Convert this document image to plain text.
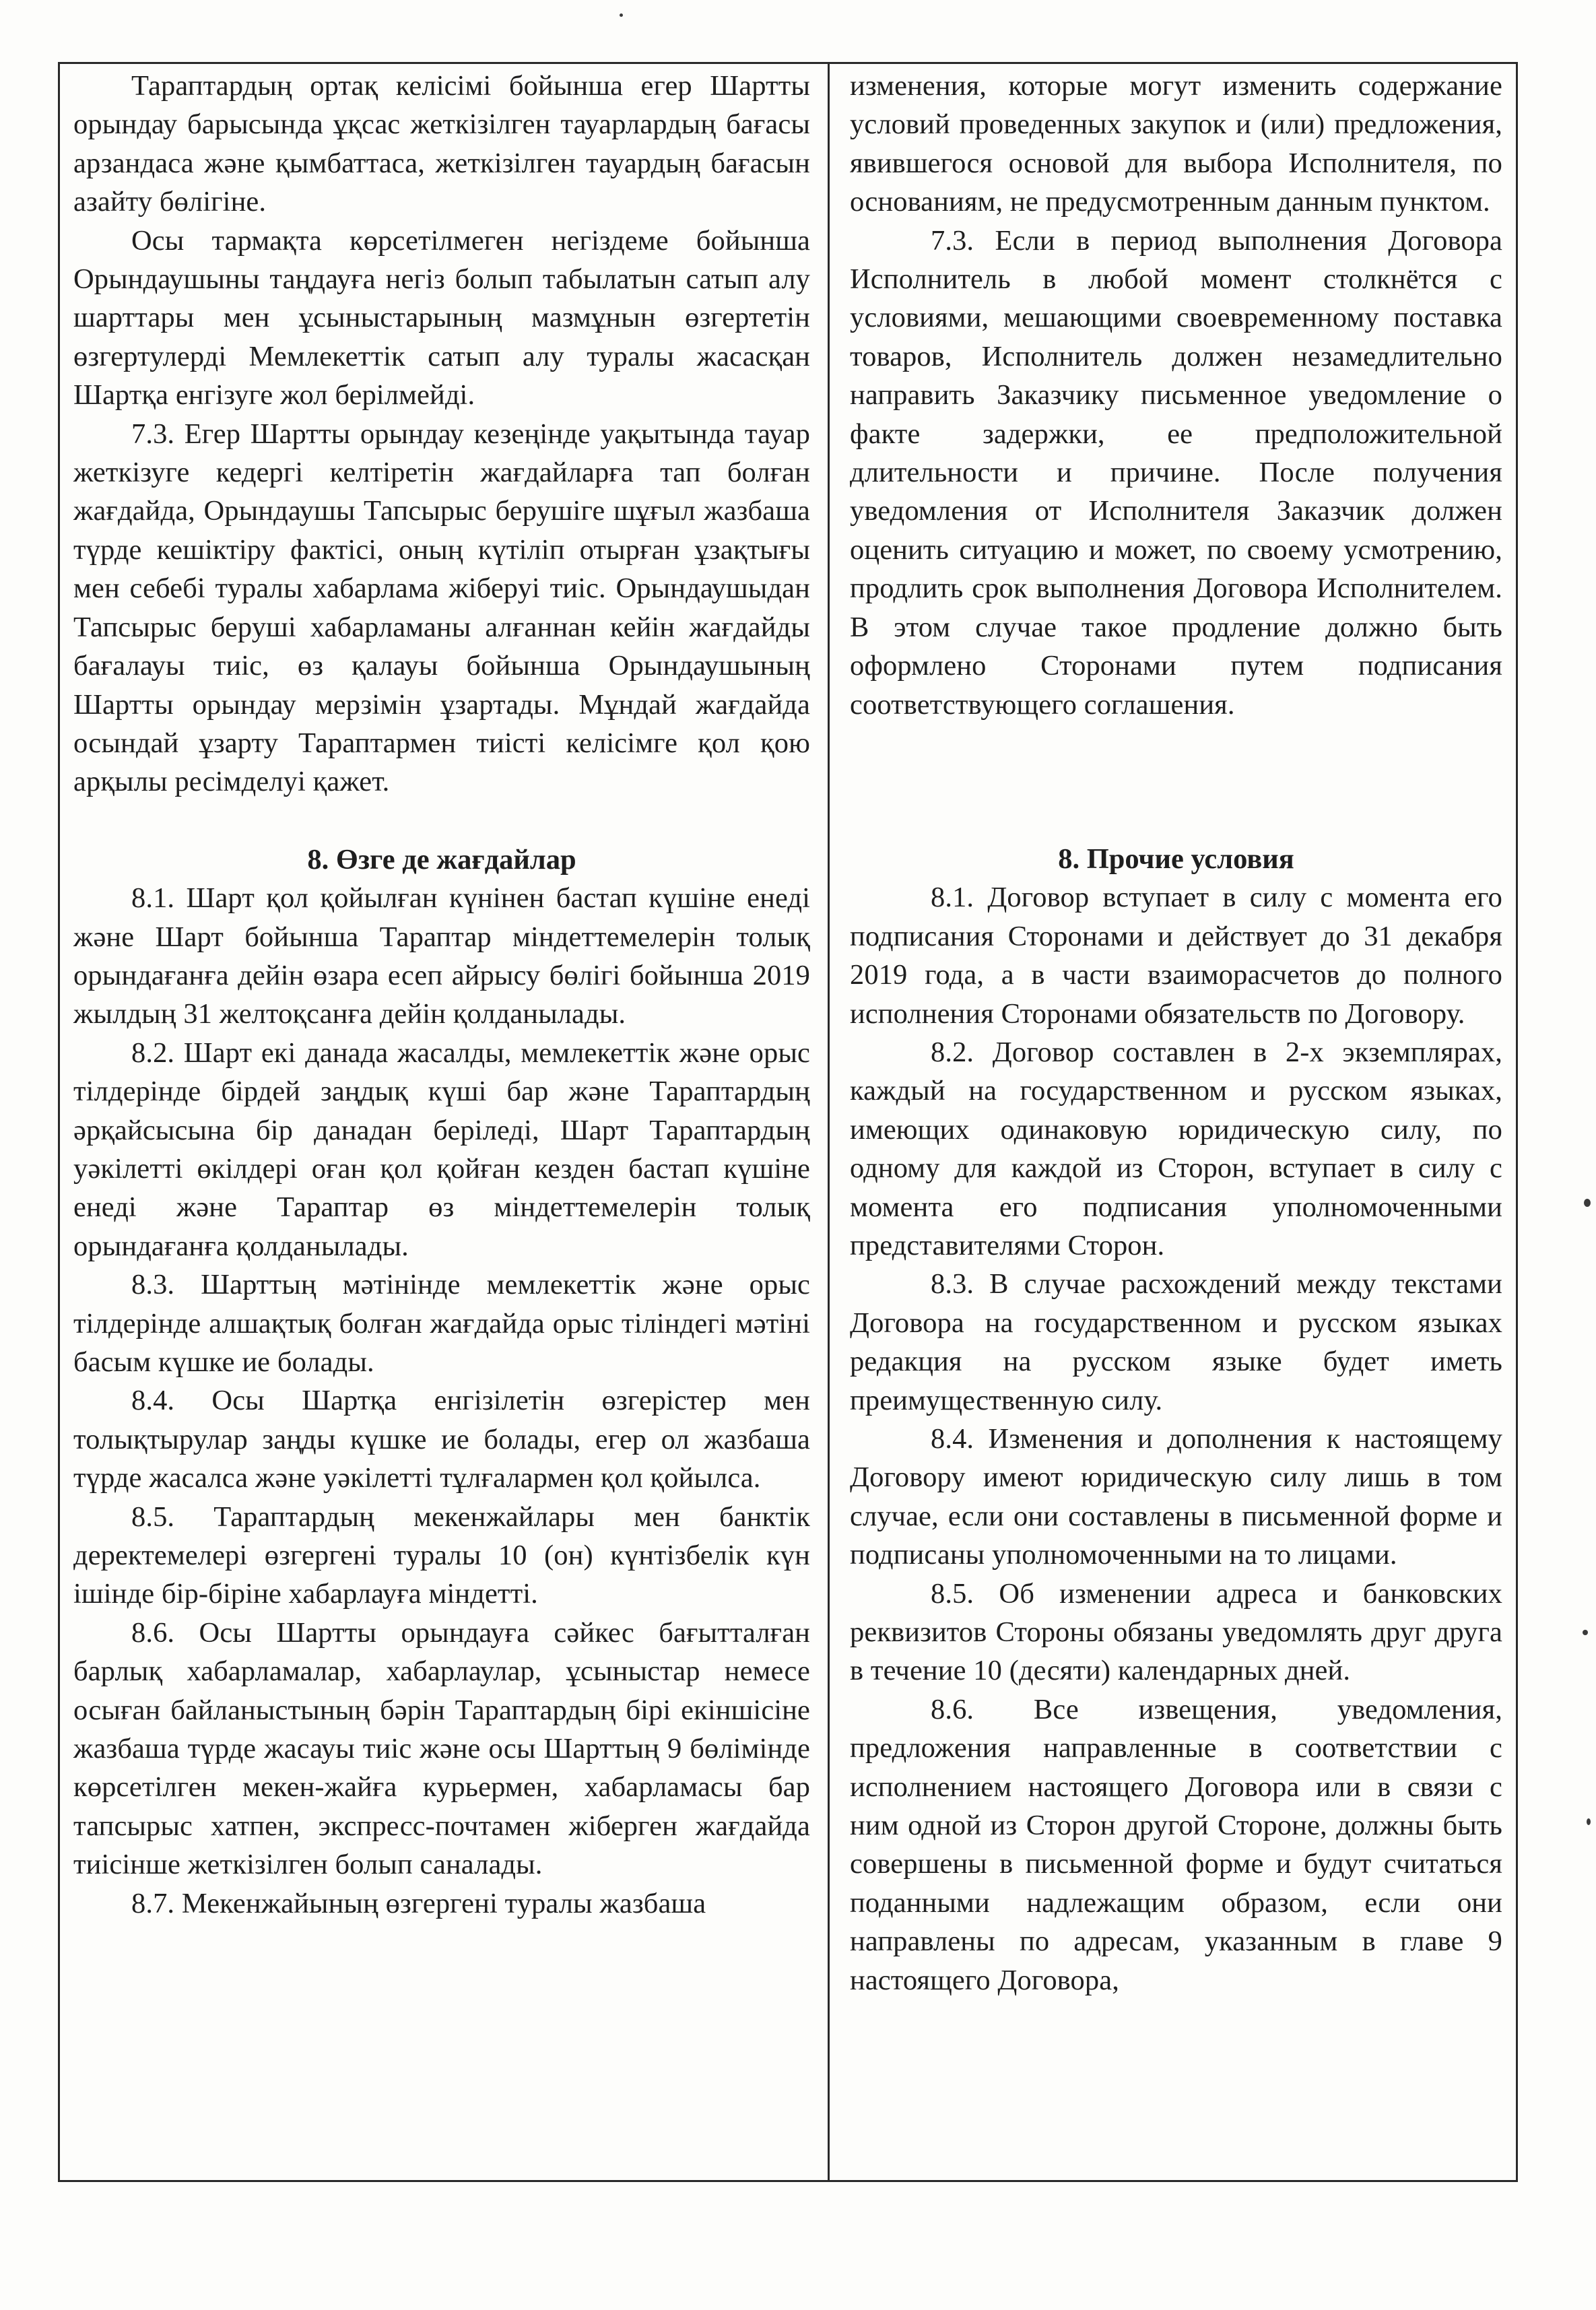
Тараптардың ортақ келісімі бойынша егер Шартты орындау барысында ұқсас жеткізілген тауарлардың бағасы арзандаса және қымбаттаса, жеткізілген тауардың бағасын азайту бөлігіне.

Осы тармақта көрсетілмеген негіздеме бойынша Орындаушыны таңдауға негіз болып табылатын сатып алу шарттары мен ұсыныстарының мазмұнын өзгертетін өзгертулерді Мемлекеттік сатып алу туралы жасасқан Шартқа енгізуге жол берілмейді.

7.3. Егер Шартты орындау кезеңінде уақытында тауар жеткізуге кедергі келтіретін жағдайларға тап болған жағдайда, Орындаушы Тапсырыс берушіге шұғыл жазбаша түрде кешіктіру фактісі, оның күтіліп отырған ұзақтығы мен себебі туралы хабарлама жіберуі тиіс. Орындаушыдан Тапсырыс беруші хабарламаны алғаннан кейін жағдайды бағалауы тиіс, өз қалауы бойынша Орындаушының Шартты орындау мерзімін ұзартады. Мұндай жағдайда осындай ұзарту Тараптармен тиісті келісімге қол қою арқылы ресімделуі қажет.

8. Өзге де жағдайлар

8.1. Шарт қол қойылған күнінен бастап күшіне енеді және Шарт бойынша Тараптар міндеттемелерін толық орындағанға дейін өзара есеп айрысу бөлігі бойынша 2019 жылдың 31 желтоқсанға дейін қолданылады.

8.2. Шарт екі данада жасалды, мемлекеттік және орыс тілдерінде бірдей заңдық күші бар және Тараптардың әрқайсысына бір данадан беріледі, Шарт Тараптардың уәкілетті өкілдері оған қол қойған кезден бастап күшіне енеді және Тараптар өз міндеттемелерін толық орындағанға қолданылады.

8.3. Шарттың мәтінінде мемлекеттік және орыс тілдерінде алшақтық болған жағдайда орыс тіліндегі мәтіні басым күшке ие болады.

8.4. Осы Шартқа енгізілетін өзгерістер мен толықтырулар заңды күшке ие болады, егер ол жазбаша түрде жасалса және уәкілетті тұлғалармен қол қойылса.

8.5. Тараптардың мекенжайлары мен банктік деректемелері өзгергені туралы 10 (он) күнтізбелік күн ішінде бір-біріне хабарлауға міндетті.

8.6. Осы Шартты орындауға сәйкес бағытталған барлық хабарламалар, хабарлаулар, ұсыныстар немесе осыған байланыстының бәрін Тараптардың бірі екіншісіне жазбаша түрде жасауы тиіс және осы Шарттың 9 бөлімінде көрсетілген мекен-жайға курьермен, хабарламасы бар тапсырыс хатпен, экспресс-почтамен жіберген жағдайда тиісінше жеткізілген болып саналады.

8.7. Мекенжайының өзгергені туралы жазбаша

изменения, которые могут изменить содержание условий проведенных закупок и (или) предложения, явившегося основой для выбора Исполнителя, по основаниям, не предусмотренным данным пунктом.

7.3. Если в период выполнения Договора Исполнитель в любой момент столкнётся с условиями, мешающими своевременному поставка товаров, Исполнитель должен незамедлительно направить Заказчику письменное уведомление о факте задержки, ее предположительной длительности и причине. После получения уведомления от Исполнителя Заказчик должен оценить ситуацию и может, по своему усмотрению, продлить срок выполнения Договора Исполнителем. В этом случае такое продление должно быть оформлено Сторонами путем подписания соответствующего соглашения.

8. Прочие условия

8.1. Договор вступает в силу с момента его подписания Сторонами и действует до 31 декабря 2019 года, а в части взаиморасчетов до полного исполнения Сторонами обязательств по Договору.

8.2. Договор составлен в 2-х экземплярах, каждый на государственном и русском языках, имеющих одинаковую юридическую силу, по одному для каждой из Сторон, вступает в силу с момента его подписания уполномоченными представителями Сторон.

8.3. В случае расхождений между текстами Договора на государственном и русском языках редакция на русском языке будет иметь преимущественную силу.

8.4. Изменения и дополнения к настоящему Договору имеют юридическую силу лишь в том случае, если они составлены в письменной форме и подписаны уполномоченными на то лицами.

8.5. Об изменении адреса и банковских реквизитов Стороны обязаны уведомлять друг друга в течение 10 (десяти) календарных дней.

8.6. Все извещения, уведомления, предложения направленные в соответствии с исполнением настоящего Договора или в связи с ним одной из Сторон другой Стороне, должны быть совершены в письменной форме и будут считаться поданными надлежащим образом, если они направлены по адресам, указанным в главе 9 настоящего Договора,
